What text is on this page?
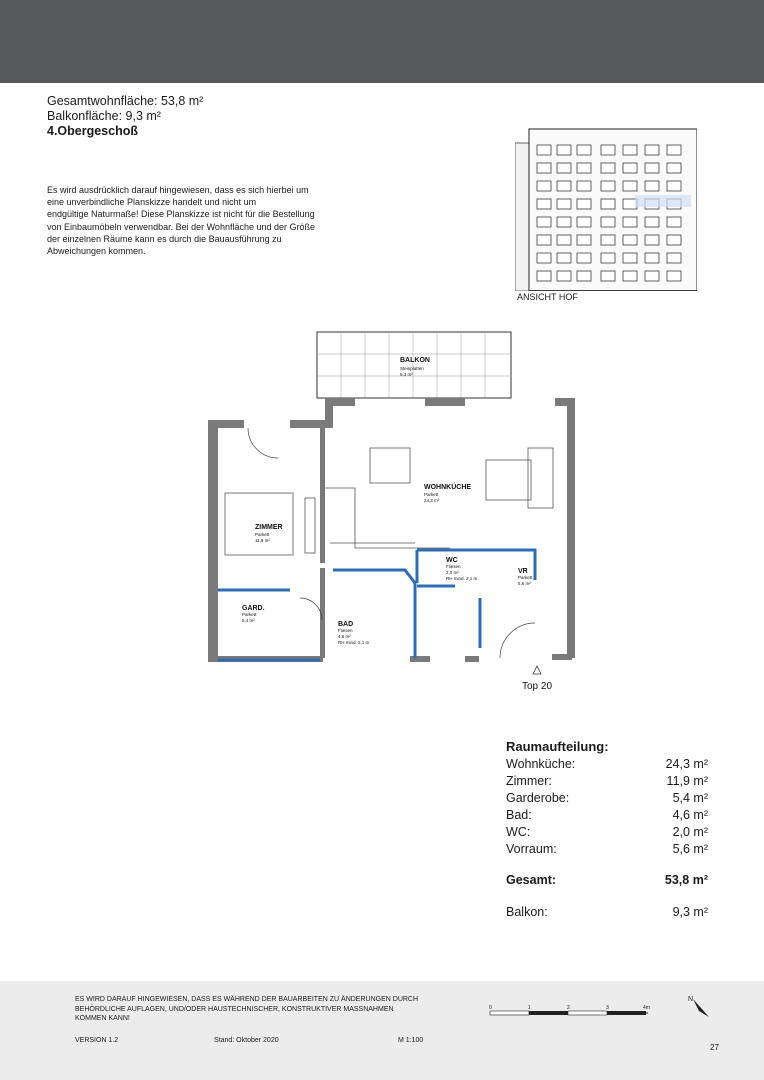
Gesamtwohnfläche: 53,8 m²
Balkonfläche: 9,3 m²
4.Obergeschoß
Es wird ausdrücklich darauf hingewiesen, dass es sich hierbei um
eine unverbindliche Planskizze handelt und nicht um
endgültige Naturmaße! Diese Planskizze ist nicht für die Bestellung
von Einbaumöbeln verwendbar. Bei der Wohnfläche und der Größe
der einzelnen Räume kann es durch die Bauausführung zu
Abweichungen kommen.
ANSICHT HOF
BALKON
Steinplatten
9,3 m²
WOHNKÜCHE
Parkett
24,3 m²
ZIMMER
Parkett
11,9 m²
WC
Fliesen
2,0 m²
RH mind. 2,1 m
VR
Parkett
5,6 m²
GARD.
Parkett
5,4 m²
BAD
Fliesen
4,6 m²
RH mind. 2,1 m
Top 20
Raumaufteilung:
Wohnküche:	24,3 m²
Zimmer:	11,9 m²
Garderobe:	5,4 m²
Bad:	4,6 m²
WC:	2,0 m²
Vorraum:	5,6 m²
Gesamt:	53,8 m²
Balkon:	9,3 m²
ES WIRD DARAUF HINGEWIESEN, DASS ES WÄHREND DER BAUARBEITEN ZU ÄNDERUNGEN DURCH
BEHÖRDLICHE AUFLAGEN, UND/ODER HAUSTECHNISCHER, KONSTRUKTIVER MASSNAHMEN
KOMMEN KANN!
VERSION 1.2	Stand: Oktober 2020	M 1:100
0	1	2	3	4m
N
27
